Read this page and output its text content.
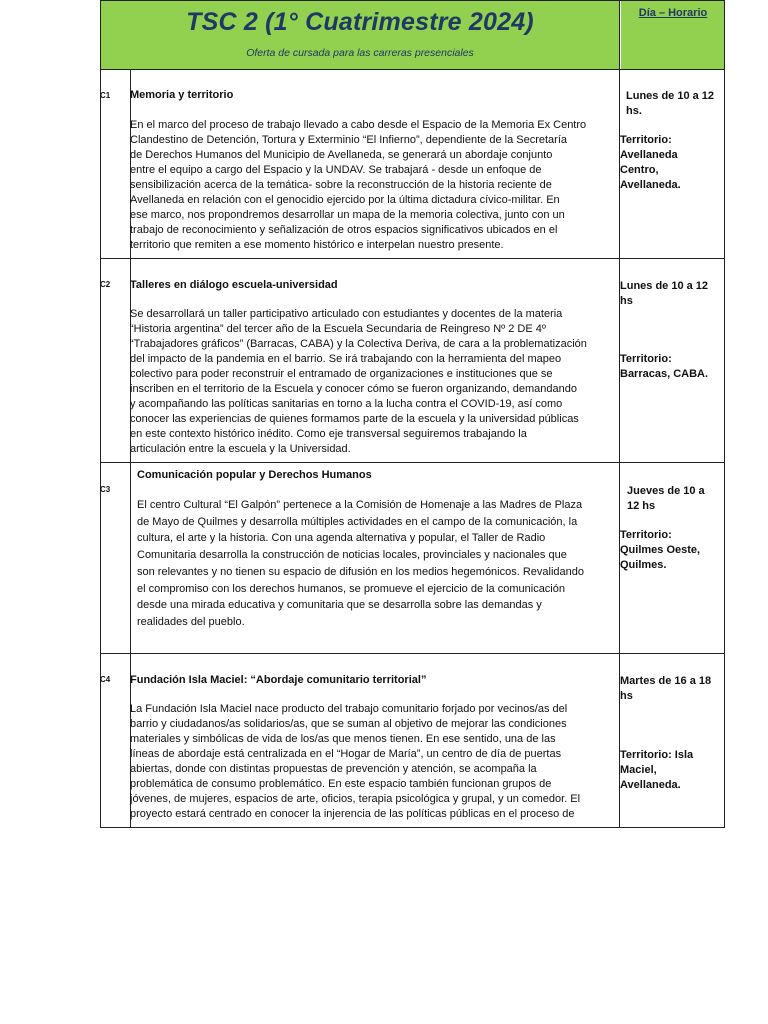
TSC 2 (1° Cuatrimestre 2024)
Oferta de cursada para las carreras presenciales
Día – Horario
C1 Memoria y territorio
En el marco del proceso de trabajo llevado a cabo desde el Espacio de la Memoria Ex Centro
Clandestino de Detención, Tortura y Exterminio “El Infierno”, dependiente de la Secretaría
de Derechos Humanos del Municipio de Avellaneda, se generará un abordaje conjunto
entre el equipo a cargo del Espacio y la UNDAV. Se trabajará - desde un enfoque de
sensibilización acerca de la temática- sobre la reconstrucción de la historia reciente de
Avellaneda en relación con el genocidio ejercido por la última dictadura cívico-militar. En
ese marco, nos propondremos desarrollar un mapa de la memoria colectiva, junto con un
trabajo de reconocimiento y señalización de otros espacios significativos ubicados en el
territorio que remiten a ese momento histórico e interpelan nuestro presente.
Lunes de 10 a 12
hs.
Territorio:
Avellaneda
Centro,
Avellaneda.
C2 Talleres en diálogo escuela-universidad
Se desarrollará un taller participativo articulado con estudiantes y docentes de la materia
“Historia argentina” del tercer año de la Escuela Secundaria de Reingreso Nº 2 DE 4º
“Trabajadores gráficos” (Barracas, CABA) y la Colectiva Deriva, de cara a la problematización
del impacto de la pandemia en el barrio. Se irá trabajando con la herramienta del mapeo
colectivo para poder reconstruir el entramado de organizaciones e instituciones que se
inscriben en el territorio de la Escuela y conocer cómo se fueron organizando, demandando
y acompañando las políticas sanitarias en torno a la lucha contra el COVID-19, así como
conocer las experiencias de quienes formamos parte de la escuela y la universidad públicas
en este contexto histórico inédito. Como eje transversal seguiremos trabajando la
articulación entre la escuela y la Universidad.
Lunes de 10 a 12
hs
Territorio:
Barracas, CABA.
C3
Comunicación popular y Derechos Humanos
El centro Cultural “El Galpón” pertenece a la Comisión de Homenaje a las Madres de Plaza
de Mayo de Quilmes y desarrolla múltiples actividades en el campo de la comunicación, la
cultura, el arte y la historia. Con una agenda alternativa y popular, el Taller de Radio
Comunitaria desarrolla la construcción de noticias locales, provinciales y nacionales que
son relevantes y no tienen su espacio de difusión en los medios hegemónicos. Revalidando
el compromiso con los derechos humanos, se promueve el ejercicio de la comunicación
desde una mirada educativa y comunitaria que se desarrolla sobre las demandas y
realidades del pueblo.
Jueves de 10 a
12 hs
Territorio:
Quilmes Oeste,
Quilmes.
C4 Fundación Isla Maciel: “Abordaje comunitario territorial”
La Fundación Isla Maciel nace producto del trabajo comunitario forjado por vecinos/as del
barrio y ciudadanos/as solidarios/as, que se suman al objetivo de mejorar las condiciones
materiales y simbólicas de vida de los/as que menos tienen. En ese sentido, una de las
líneas de abordaje está centralizada en el “Hogar de María”, un centro de día de puertas
abiertas, donde con distintas propuestas de prevención y atención, se acompaña la
problemática de consumo problemático. En este espacio también funcionan grupos de
jóvenes, de mujeres, espacios de arte, oficios, terapia psicológica y grupal, y un comedor. El
proyecto estará centrado en conocer la injerencia de las políticas públicas en el proceso de
Martes de 16 a 18
hs
Territorio: Isla
Maciel,
Avellaneda.
